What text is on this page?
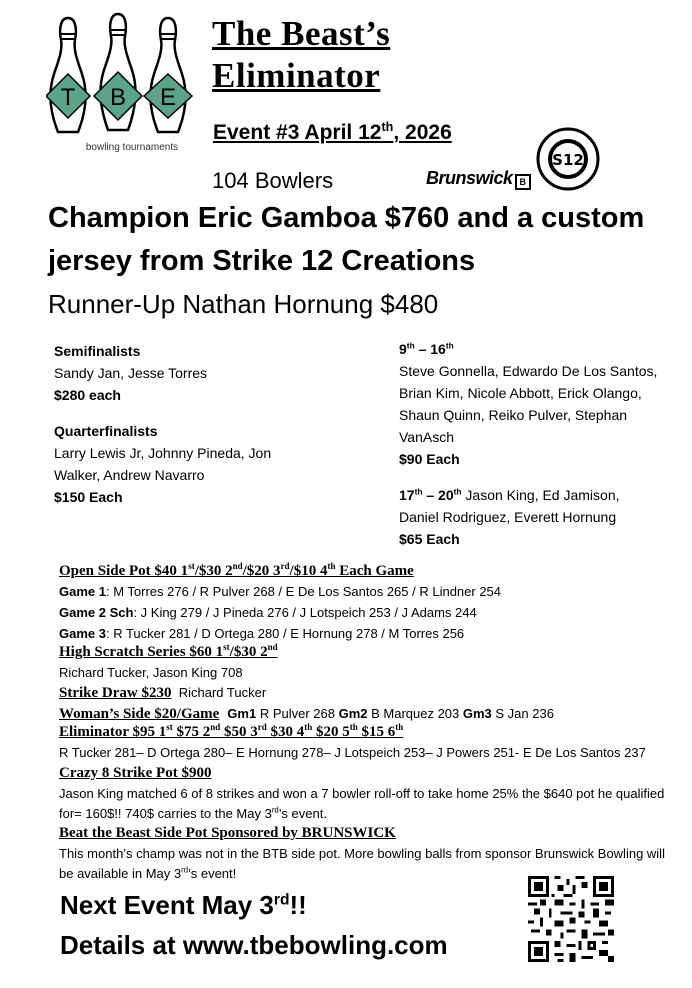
T B E
bowling tournaments
The Beast’s
Eliminator
Event #3 April 12th, 2026
104 Bowlers	Brunswick B
S12
Champion Eric Gamboa $760 and a custom
jersey from Strike 12 Creations
Runner-Up Nathan Hornung $480
Semifinalists
Sandy Jan, Jesse Torres
$280 each
Quarterfinalists
Larry Lewis Jr, Johnny Pineda, Jon
Walker, Andrew Navarro
$150 Each
9th – 16th
Steve Gonnella, Edwardo De Los Santos,
Brian Kim, Nicole Abbott, Erick Olango,
Shaun Quinn, Reiko Pulver, Stephan
VanAsch
$90 Each
17th – 20th Jason King, Ed Jamison,
Daniel Rodriguez, Everett Hornung
$65 Each
Open Side Pot $40 1st/$30 2nd/$20 3rd/$10 4th Each Game
Game 1: M Torres 276 / R Pulver 268 / E De Los Santos 265 / R Lindner 254
Game 2 Sch: J King 279 / J Pineda 276 / J Lotspeich 253 / J Adams 244
Game 3: R Tucker 281 / D Ortega 280 / E Hornung 278 / M Torres 256
High Scratch Series $60 1st/$30 2nd
Richard Tucker, Jason King 708
Strike Draw $230  Richard Tucker
Woman’s Side $20/Game Gm1 R Pulver 268 Gm2 B Marquez 203 Gm3 S Jan 236
Eliminator $95 1st $75 2nd $50 3rd $30 4th $20 5th $15 6th
R Tucker 281– D Ortega 280– E Hornung 278– J Lotspeich 253– J Powers 251- E De Los Santos 237
Crazy 8 Strike Pot $900
Jason King matched 6 of 8 strikes and won a 7 bowler roll-off to take home 25% the $640 pot he qualified
for= 160$!! 740$ carries to the May 3rd’s event.
Beat the Beast Side Pot Sponsored by BRUNSWICK
This month’s champ was not in the BTB side pot. More bowling balls from sponsor Brunswick Bowling will
be available in May 3rd’s event!
Next Event May 3rd!!
Details at www.tbebowling.com
